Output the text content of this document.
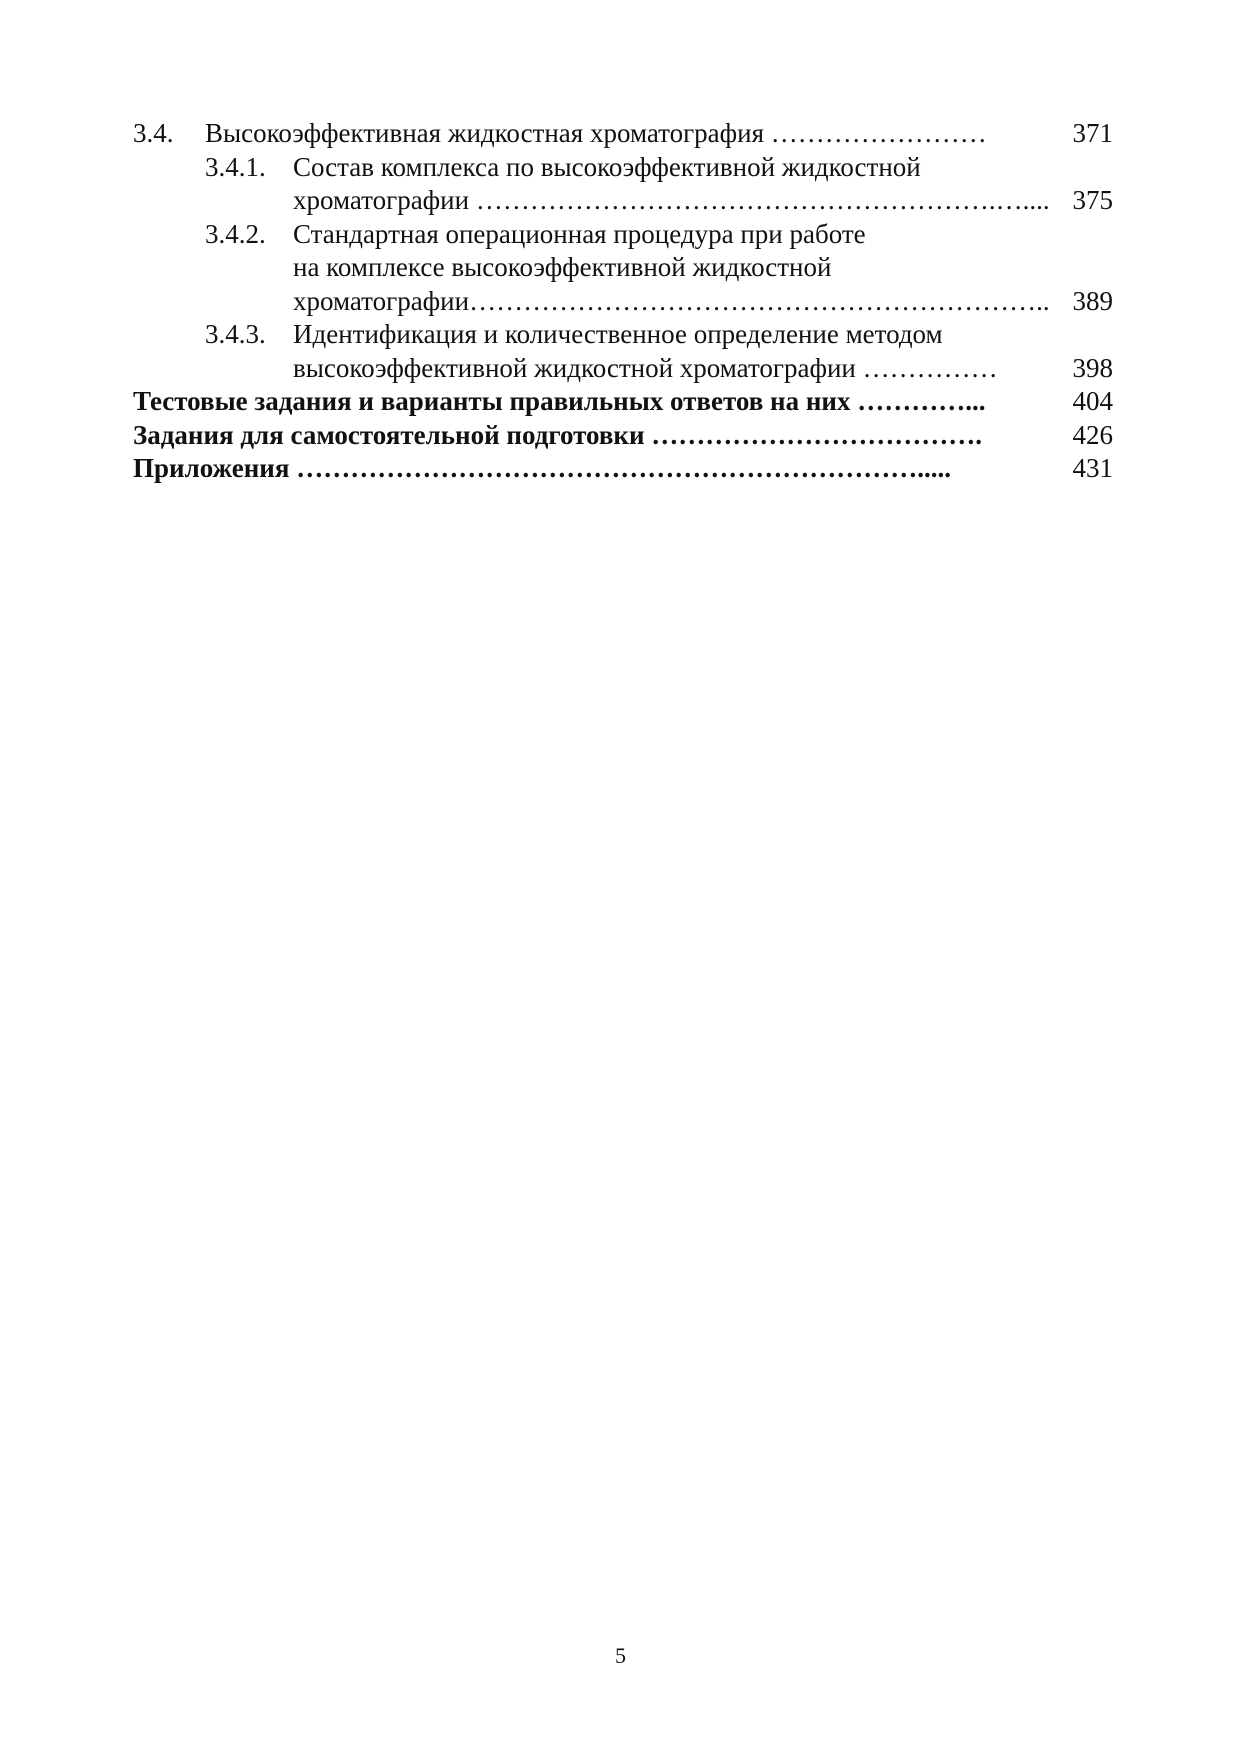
3.4. Высокоэффективная жидкостная хроматография ……………………	371
3.4.1. Состав комплекса по высокоэффективной жидкостной
хроматографии ………………………………………………….….... 375
3.4.2. Стандартная операционная процедура при работе
на комплексе высокоэффективной жидкостной
хроматографии……………………………………………………….. 389
3.4.3. Идентификация и количественное определение методом
высокоэффективной жидкостной хроматографии ……………	398
Тестовые задания и варианты правильных ответов на них …………...	404
Задания для самостоятельной подготовки ……………………………….	426
Приложения …………………………………………………………….....	431
5
